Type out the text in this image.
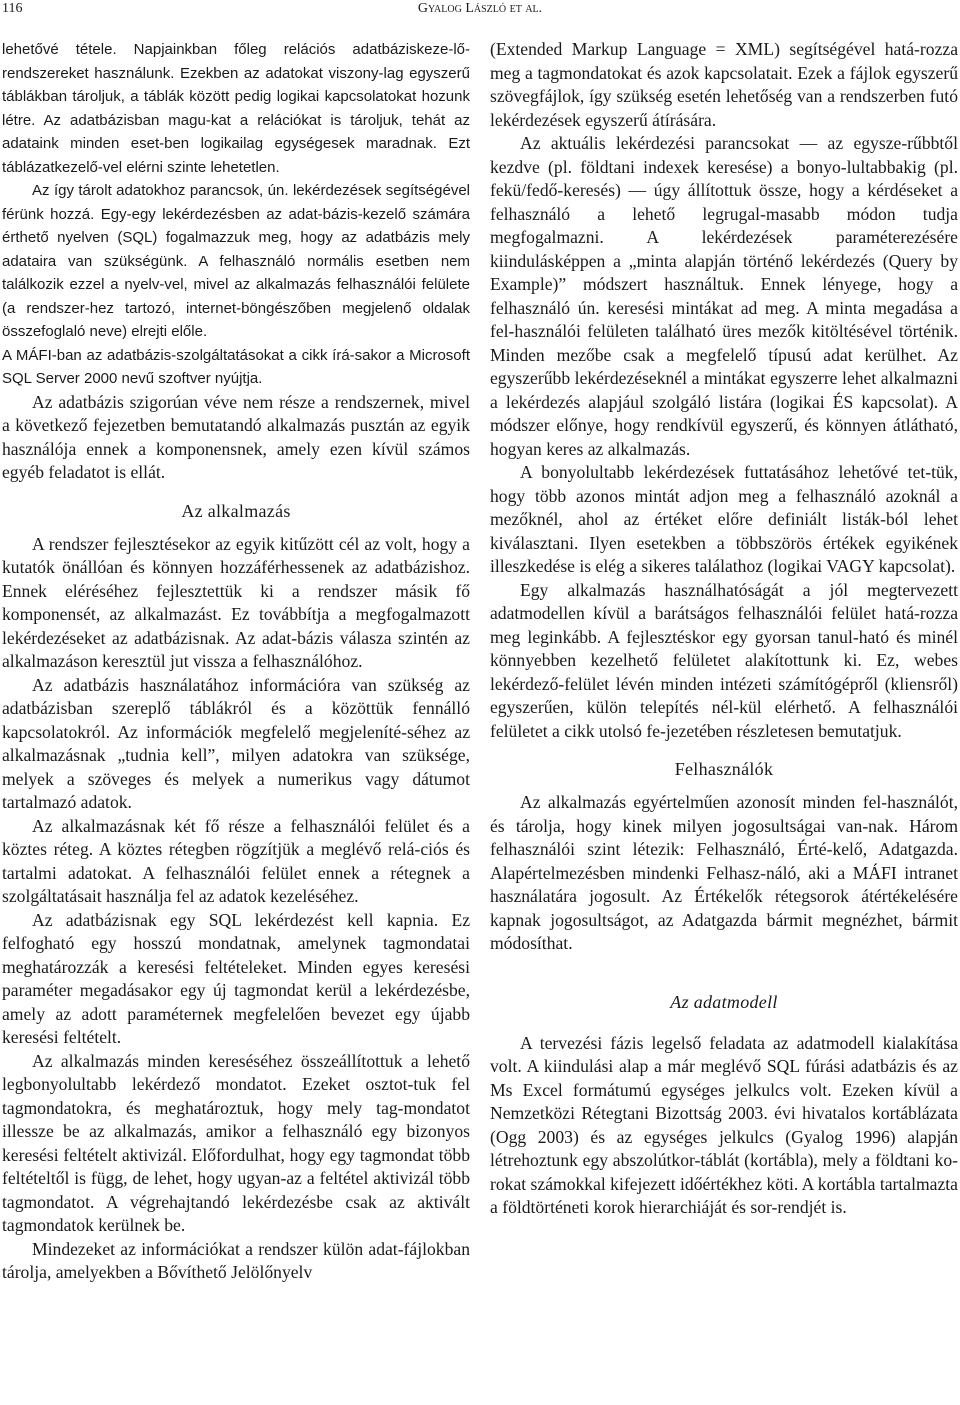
116	Gyalog László et al.

lehetővé tétele. Napjainkban főleg relációs adatbáziskeze-lő-rendszereket használunk. Ezekben az adatokat viszony-lag egyszerű táblákban tároljuk, a táblák között pedig logikai kapcsolatokat hozunk létre. Az adatbázisban magu-kat a relációkat is tároljuk, tehát az adataink minden eset-ben logikailag egységesek maradnak. Ezt táblázatkezelő-vel elérni szinte lehetetlen.

Az így tárolt adatokhoz parancsok, ún. lekérdezések segítségével férünk hozzá. Egy-egy lekérdezésben az adat-bázis-kezelő számára érthető nyelven (SQL) fogalmazzuk meg, hogy az adatbázis mely adataira van szükségünk. A felhasználó normális esetben nem találkozik ezzel a nyelv-vel, mivel az alkalmazás felhasználói felülete (a rendszer-hez tartozó, internet-böngészőben megjelenő oldalak összefoglaló neve) elrejti előle.

A MÁFI-ban az adatbázis-szolgáltatásokat a cikk írá-sakor a Microsoft SQL Server 2000 nevű szoftver nyújtja.

Az adatbázis szigorúan véve nem része a rendszernek, mivel a következő fejezetben bemutatandó alkalmazás pusztán az egyik használója ennek a komponensnek, amely ezen kívül számos egyéb feladatot is ellát.

Az alkalmazás

A rendszer fejlesztésekor az egyik kitűzött cél az volt, hogy a kutatók önállóan és könnyen hozzáférhessenek az adatbázishoz. Ennek eléréséhez fejlesztettük ki a rendszer másik fő komponensét, az alkalmazást. Ez továbbítja a megfogalmazott lekérdezéseket az adatbázisnak. Az adat-bázis válasza szintén az alkalmazáson keresztül jut vissza a felhasználóhoz.

Az adatbázis használatához információra van szükség az adatbázisban szereplő táblákról és a közöttük fennálló kapcsolatokról. Az információk megfelelő megjeleníté-séhez az alkalmazásnak „tudnia kell”, milyen adatokra van szüksége, melyek a szöveges és melyek a numerikus vagy dátumot tartalmazó adatok.

Az alkalmazásnak két fő része a felhasználói felület és a köztes réteg. A köztes rétegben rögzítjük a meglévő relá-ciós és tartalmi adatokat. A felhasználói felület ennek a rétegnek a szolgáltatásait használja fel az adatok kezeléséhez.

Az adatbázisnak egy SQL lekérdezést kell kapnia. Ez felfogható egy hosszú mondatnak, amelynek tagmondatai meghatározzák a keresési feltételeket. Minden egyes keresési paraméter megadásakor egy új tagmondat kerül a lekérdezésbe, amely az adott paraméternek megfelelően bevezet egy újabb keresési feltételt.

Az alkalmazás minden kereséséhez összeállítottuk a lehető legbonyolultabb lekérdező mondatot. Ezeket osztot-tuk fel tagmondatokra, és meghatároztuk, hogy mely tag-mondatot illessze be az alkalmazás, amikor a felhasználó egy bizonyos keresési feltételt aktivizál. Előfordulhat, hogy egy tagmondat több feltételtől is függ, de lehet, hogy ugyan-az a feltétel aktivizál több tagmondatot. A végrehajtandó lekérdezésbe csak az aktivált tagmondatok kerülnek be.

Mindezeket az információkat a rendszer külön adat-fájlokban tárolja, amelyekben a Bővíthető Jelölőnyelv

(Extended Markup Language = XML) segítségével hatá-rozza meg a tagmondatokat és azok kapcsolatait. Ezek a fájlok egyszerű szövegfájlok, így szükség esetén lehetőség van a rendszerben futó lekérdezések egyszerű átírására.

Az aktuális lekérdezési parancsokat — az egysze-rűbbtől kezdve (pl. földtani indexek keresése) a bonyo-lultabbakig (pl. fekü/fedő-keresés) — úgy állítottuk össze, hogy a kérdéseket a felhasználó a lehető legrugal-masabb módon tudja megfogalmazni. A lekérdezések paraméterezésére kiindulásképpen a „minta alapján történő lekérdezés (Query by Example)” módszert használtuk. Ennek lényege, hogy a felhasználó ún. keresési mintákat ad meg. A minta megadása a fel-használói felületen található üres mezők kitöltésével történik. Minden mezőbe csak a megfelelő típusú adat kerülhet. Az egyszerűbb lekérdezéseknél a mintákat egyszerre lehet alkalmazni a lekérdezés alapjául szolgáló listára (logikai ÉS kapcsolat). A módszer előnye, hogy rendkívül egyszerű, és könnyen átlátható, hogyan keres az alkalmazás.

A bonyolultabb lekérdezések futtatásához lehetővé tet-tük, hogy több azonos mintát adjon meg a felhasználó azoknál a mezőknél, ahol az értéket előre definiált listák-ból lehet kiválasztani. Ilyen esetekben a többszörös értékek egyikének illeszkedése is elég a sikeres találathoz (logikai VAGY kapcsolat).

Egy alkalmazás használhatóságát a jól megtervezett adatmodellen kívül a barátságos felhasználói felület hatá-rozza meg leginkább. A fejlesztéskor egy gyorsan tanul-ható és minél könnyebben kezelhető felületet alakítottunk ki. Ez, webes lekérdező-felület lévén minden intézeti számítógépről (kliensről) egyszerűen, külön telepítés nél-kül elérhető. A felhasználói felületet a cikk utolsó fe-jezetében részletesen bemutatjuk.

Felhasználók

Az alkalmazás egyértelműen azonosít minden fel-használót, és tárolja, hogy kinek milyen jogosultságai van-nak. Három felhasználói szint létezik: Felhasználó, Érté-kelő, Adatgazda. Alapértelmezésben mindenki Felhasz-náló, aki a MÁFI intranet használatára jogosult. Az Értékelők rétegsorok átértékelésére kapnak jogosultságot, az Adatgazda bármit megnézhet, bármit módosíthat.

Az adatmodell

A tervezési fázis legelső feladata az adatmodell kialakítása volt. A kiindulási alap a már meglévő SQL fúrási adatbázis és az Ms Excel formátumú egységes jelkulcs volt. Ezeken kívül a Nemzetközi Rétegtani Bizottság 2003. évi hivatalos kortáblázata (Ogg 2003) és az egységes jelkulcs (Gyalog 1996) alapján létrehoztunk egy abszolútkor-táblát (kortábla), mely a földtani ko-rokat számokkal kifejezett időértékhez köti. A kortábla tartalmazta a földtörténeti korok hierarchiáját és sor-rendjét is.
